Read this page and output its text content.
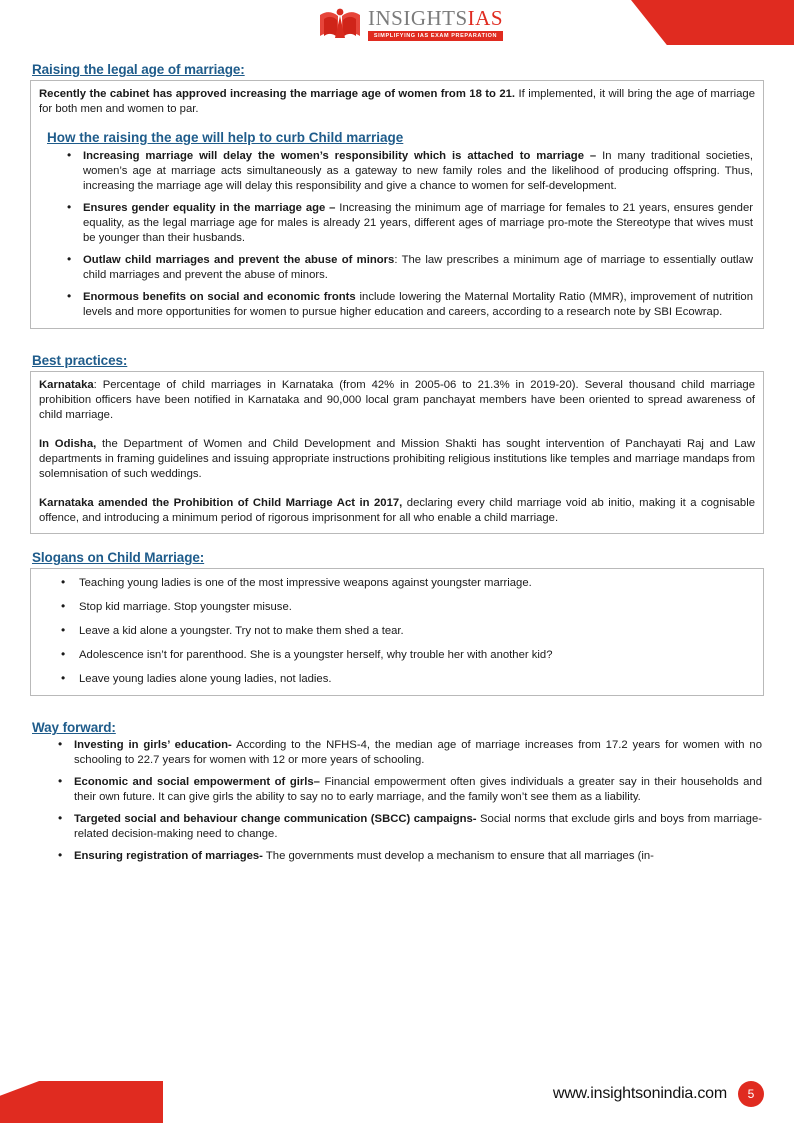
INSIGHTSIAS
SIMPLIFYING IAS EXAM PREPARATION
Raising the legal age of marriage:

Recently the cabinet has approved increasing the marriage age of women from 18 to 21. If implemented, it will bring the age of marriage for both men and women to par.

How the raising the age will help to curb Child marriage
• Increasing marriage will delay the women’s responsibility which is attached to marriage – In many traditional societies, women’s age at marriage acts simultaneously as a gateway to new family roles and the likelihood of producing offspring. Thus, increasing the marriage age will delay this responsibility and give a chance to women for self-development.
• Ensures gender equality in the marriage age – Increasing the minimum age of marriage for females to 21 years, ensures gender equality, as the legal marriage age for males is already 21 years, different ages of marriage pro-mote the Stereotype that wives must be younger than their husbands.
• Outlaw child marriages and prevent the abuse of minors: The law prescribes a minimum age of marriage to essentially outlaw child marriages and prevent the abuse of minors.
• Enormous benefits on social and economic fronts include lowering the Maternal Mortality Ratio (MMR), improvement of nutrition levels and more opportunities for women to pursue higher education and careers, according to a research note by SBI Ecowrap.
Best practices:

Karnataka: Percentage of child marriages in Karnataka (from 42% in 2005-06 to 21.3% in 2019-20). Several thousand child marriage prohibition officers have been notified in Karnataka and 90,000 local gram panchayat members have been oriented to spread awareness of child marriage.

In Odisha, the Department of Women and Child Development and Mission Shakti has sought intervention of Panchayati Raj and Law departments in framing guidelines and issuing appropriate instructions prohibiting religious institutions like temples and marriage mandaps from solemnisation of such weddings.

Karnataka amended the Prohibition of Child Marriage Act in 2017, declaring every child marriage void ab initio, making it a cognisable offence, and introducing a minimum period of rigorous imprisonment for all who enable a child marriage.

Slogans on Child Marriage:
• Teaching young ladies is one of the most impressive weapons against youngster marriage.
• Stop kid marriage. Stop youngster misuse.
• Leave a kid alone a youngster. Try not to make them shed a tear.
• Adolescence isn’t for parenthood. She is a youngster herself, why trouble her with another kid?
• Leave young ladies alone young ladies, not ladies.
Way forward:
• Investing in girls’ education- According to the NFHS-4, the median age of marriage increases from 17.2 years for women with no schooling to 22.7 years for women with 12 or more years of schooling.
• Economic and social empowerment of girls– Financial empowerment often gives individuals a greater say in their households and their own future. It can give girls the ability to say no to early marriage, and the family won’t see them as a liability.
• Targeted social and behaviour change communication (SBCC) campaigns- Social norms that exclude girls and boys from marriage-related decision-making need to change.
• Ensuring registration of marriages- The governments must develop a mechanism to ensure that all marriages (in-
www.insightsonindia.com	5
